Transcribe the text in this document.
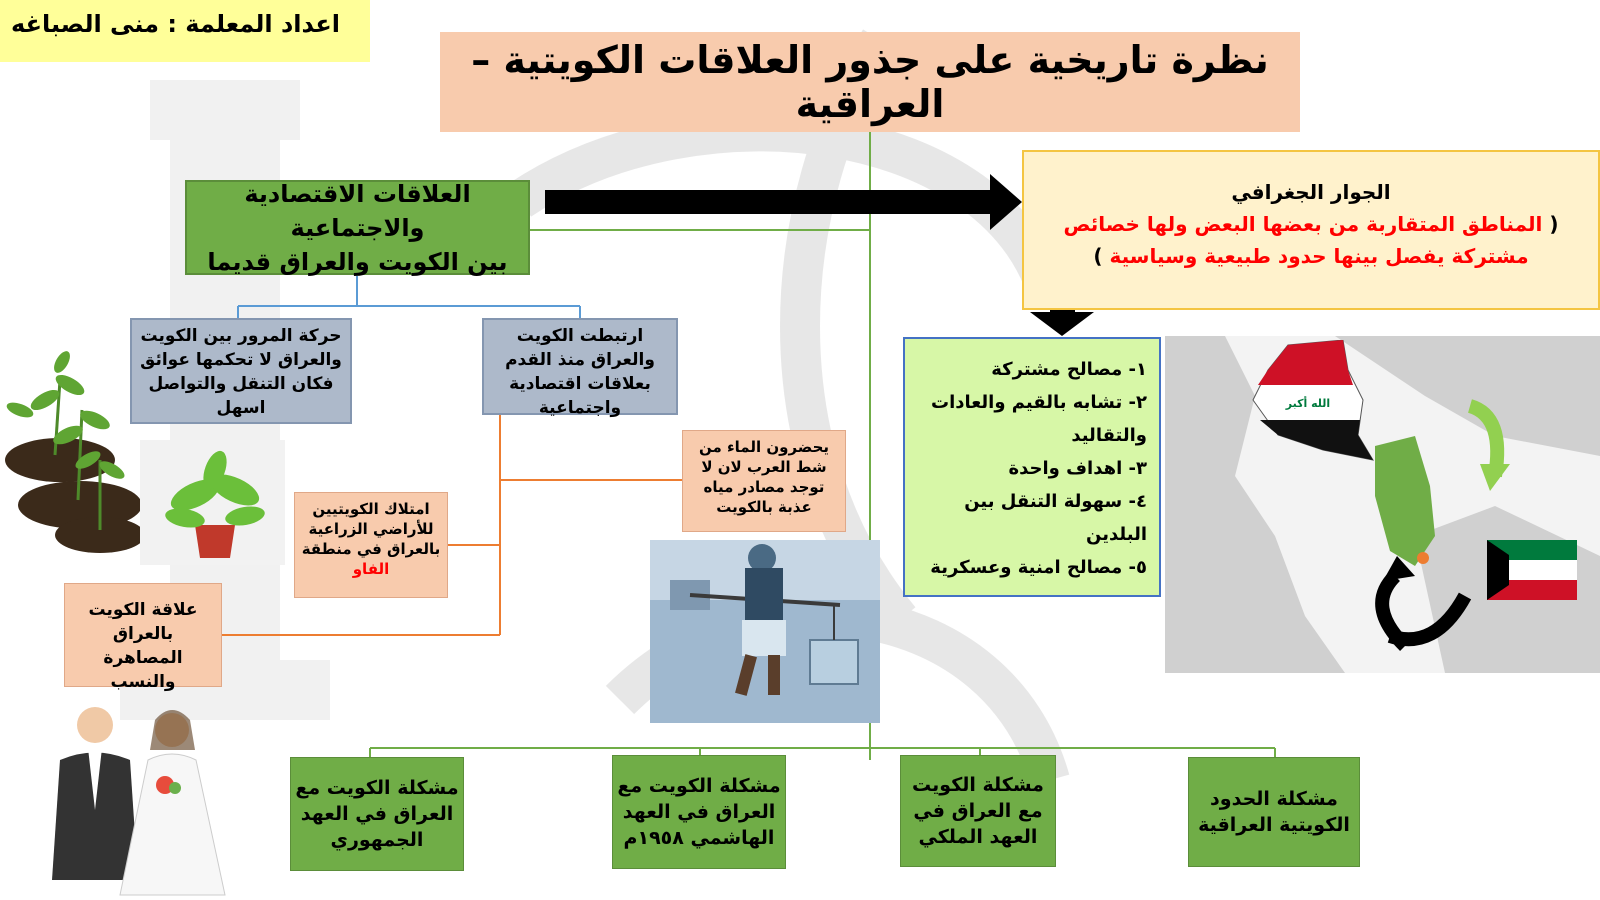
اعداد المعلمة : منى الصباغه
نظرة تاريخية على جذور العلاقات الكويتية – العراقية
العلاقات الاقتصادية والاجتماعية
بين الكويت والعراق قديما
الجوار الجغرافي
( المناطق المتقاربة من بعضها البعض ولها خصائص
مشتركة يفصل بينها حدود طبيعية وسياسية )
حركة المرور بين الكويت والعراق لا تحكمها عوائق فكان التنقل والتواصل اسهل
ارتبطت الكويت والعراق منذ القدم بعلاقات اقتصادية واجتماعية
يحضرون الماء من شط العرب لان لا توجد مصادر مياه عذبة بالكويت
امتلاك الكويتيين للأراضي الزراعية بالعراق في منطقة الفاو
علاقة الكويت بالعراق المصاهرة والنسب
١- مصالح مشتركة
٢- تشابه بالقيم والعادات والتقاليد
٣- اهداف واحدة
٤- سهولة التنقل بين البلدين
٥- مصالح امنية وعسكرية
مشكلة الكويت مع العراق في العهد الجمهوري
مشكلة الكويت مع العراق في العهد الهاشمي ١٩٥٨م
مشكلة الكويت مع العراق في العهد الملكي
مشكلة الحدود الكويتية العراقية
الله أكبر
